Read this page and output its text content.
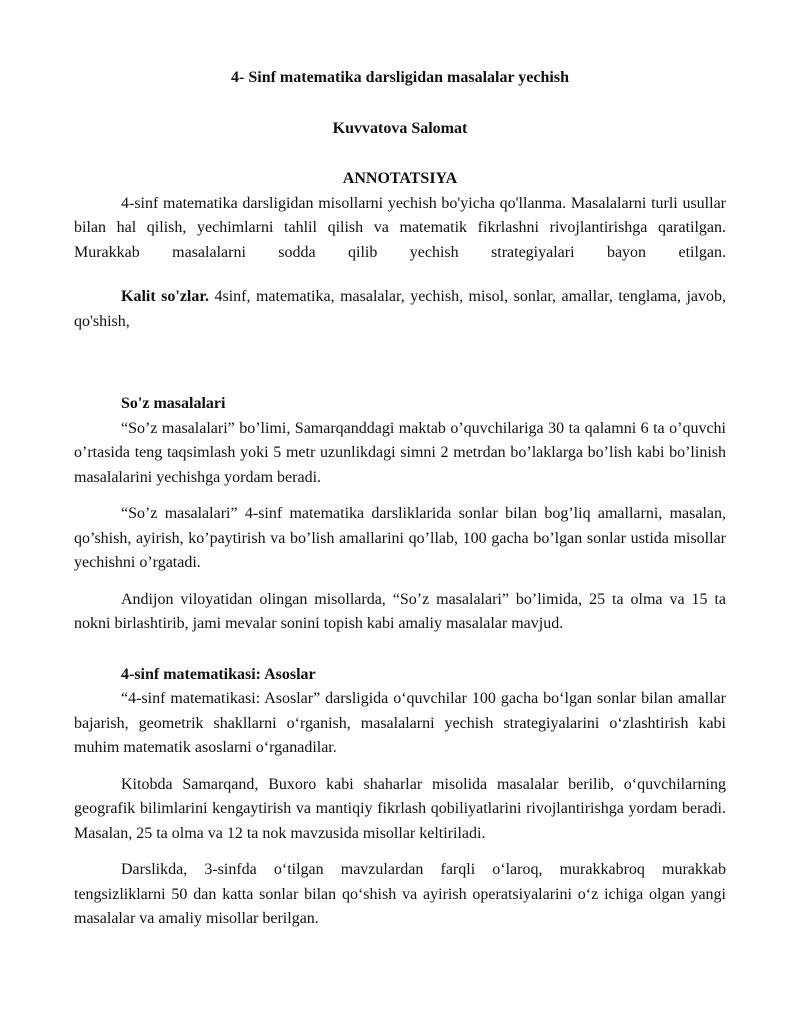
4- Sinf matematika darsligidan masalalar yechish
Kuvvatova Salomat
ANNOTATSIYA

4-sinf matematika darsligidan misollarni yechish bo'yicha qo'llanma. Masalalarni turli usullar bilan hal qilish, yechimlarni tahlil qilish va matematik fikrlashni rivojlantirishga qaratilgan. Murakkab masalalarni sodda qilib yechish strategiyalari bayon etilgan.

Kalit so'zlar. 4sinf, matematika, masalalar, yechish, misol, sonlar, amallar, tenglama, javob, qo'shish,

So'z masalalari

“So’z masalalari” bo’limi, Samarqanddagi maktab o’quvchilariga 30 ta qalamni 6 ta o’quvchi o’rtasida teng taqsimlash yoki 5 metr uzunlikdagi simni 2 metrdan bo’laklarga bo’lish kabi bo’linish masalalarini yechishga yordam beradi.

“So’z masalalari” 4-sinf matematika darsliklarida sonlar bilan bog’liq amallarni, masalan, qo’shish, ayirish, ko’paytirish va bo’lish amallarini qo’llab, 100 gacha bo’lgan sonlar ustida misollar yechishni o’rgatadi.

Andijon viloyatidan olingan misollarda, “So’z masalalari” bo’limida, 25 ta olma va 15 ta nokni birlashtirib, jami mevalar sonini topish kabi amaliy masalalar mavjud.

4-sinf matematikasi: Asoslar

“4-sinf matematikasi: Asoslar” darsligida o‘quvchilar 100 gacha bo‘lgan sonlar bilan amallar bajarish, geometrik shakllarni o‘rganish, masalalarni yechish strategiyalarini o‘zlashtirish kabi muhim matematik asoslarni o‘rganadilar.

Kitobda Samarqand, Buxoro kabi shaharlar misolida masalalar berilib, o‘quvchilarning geografik bilimlarini kengaytirish va mantiqiy fikrlash qobiliyatlarini rivojlantirishga yordam beradi. Masalan, 25 ta olma va 12 ta nok mavzusida misollar keltiriladi.

Darslikda, 3-sinfda o‘tilgan mavzulardan farqli o‘laroq, murakkabroq murakkab tengsizliklarni 50 dan katta sonlar bilan qo‘shish va ayirish operatsiyalarini o‘z ichiga olgan yangi masalalar va amaliy misollar berilgan.
